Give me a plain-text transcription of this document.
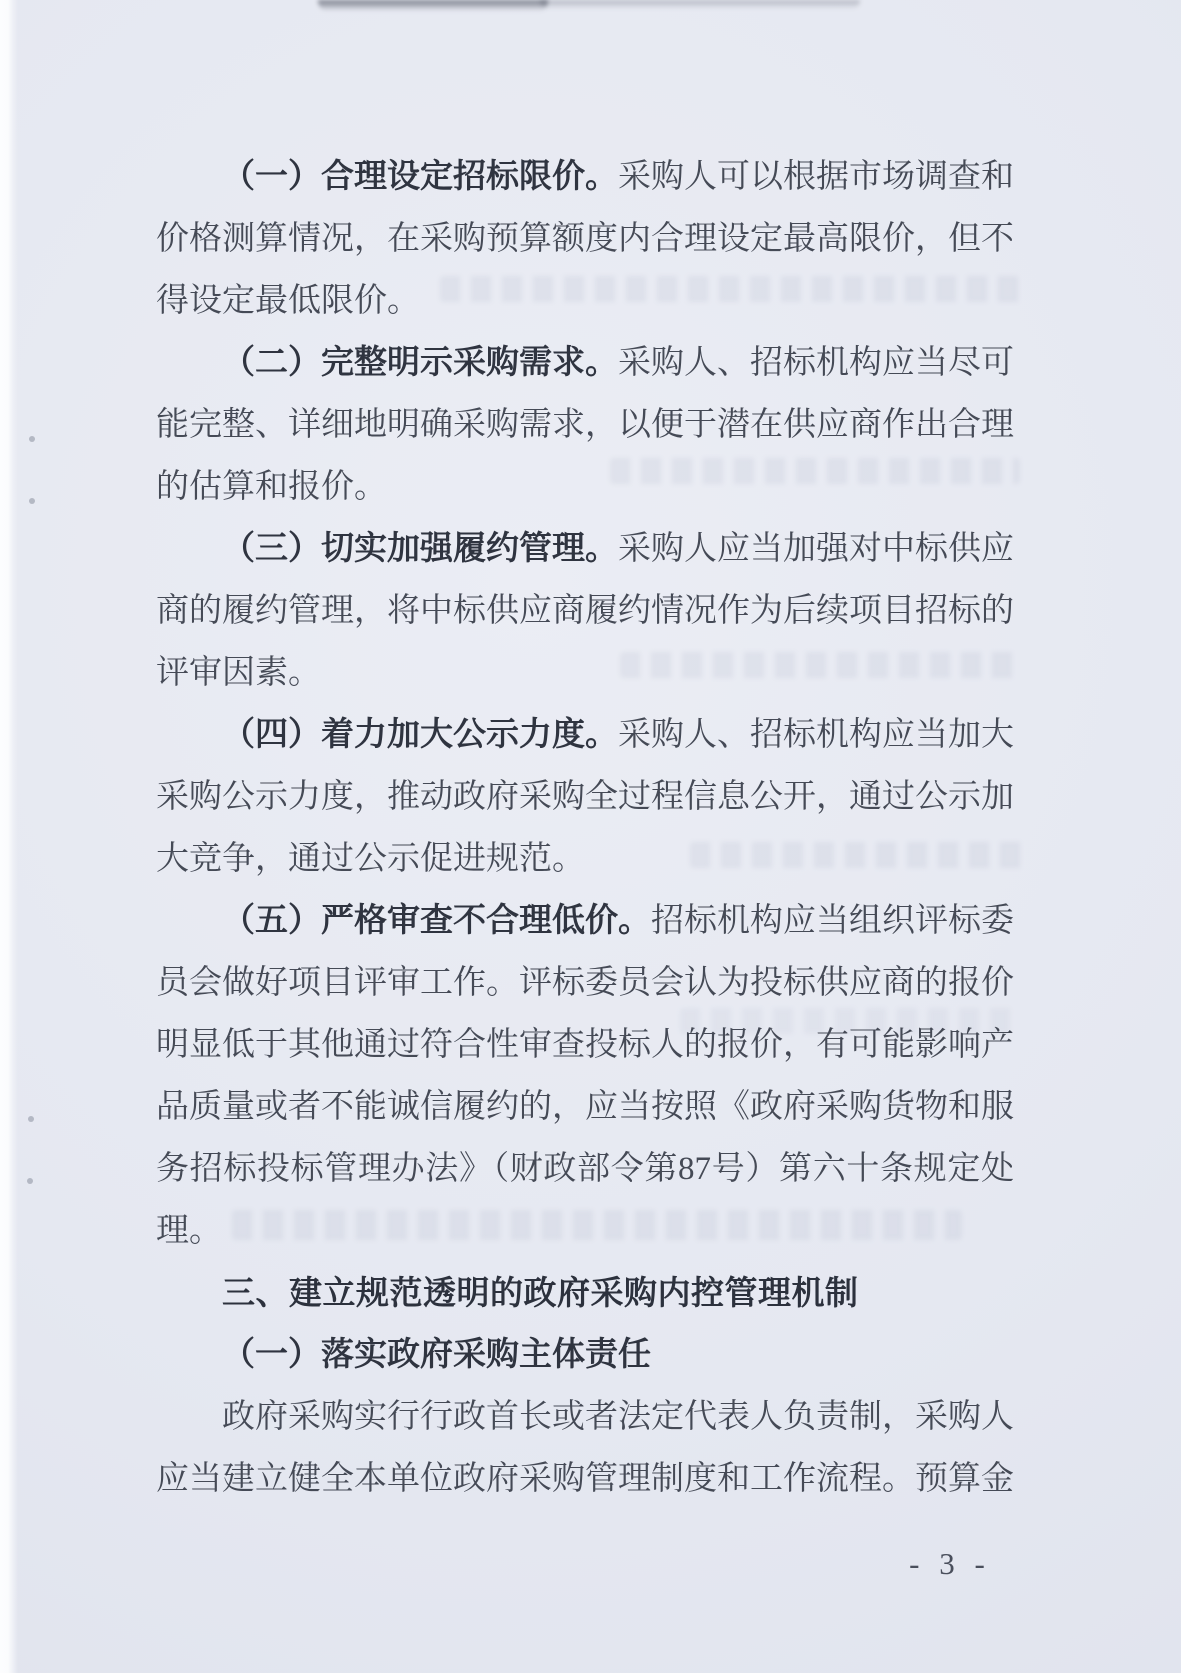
（一）合理设定招标限价。采购人可以根据市场调查和价格测算情况，在采购预算额度内合理设定最高限价，但不得设定最低限价。

（二）完整明示采购需求。采购人、招标机构应当尽可能完整、详细地明确采购需求，以便于潜在供应商作出合理的估算和报价。

（三）切实加强履约管理。采购人应当加强对中标供应商的履约管理，将中标供应商履约情况作为后续项目招标的评审因素。

（四）着力加大公示力度。采购人、招标机构应当加大采购公示力度，推动政府采购全过程信息公开，通过公示加大竞争，通过公示促进规范。

（五）严格审查不合理低价。招标机构应当组织评标委员会做好项目评审工作。评标委员会认为投标供应商的报价明显低于其他通过符合性审查投标人的报价，有可能影响产品质量或者不能诚信履约的，应当按照《政府采购货物和服务招标投标管理办法》（财政部令第87号）第六十条规定处理。

三、建立规范透明的政府采购内控管理机制

（一）落实政府采购主体责任

政府采购实行行政首长或者法定代表人负责制，采购人应当建立健全本单位政府采购管理制度和工作流程。预算金

- 3 -
